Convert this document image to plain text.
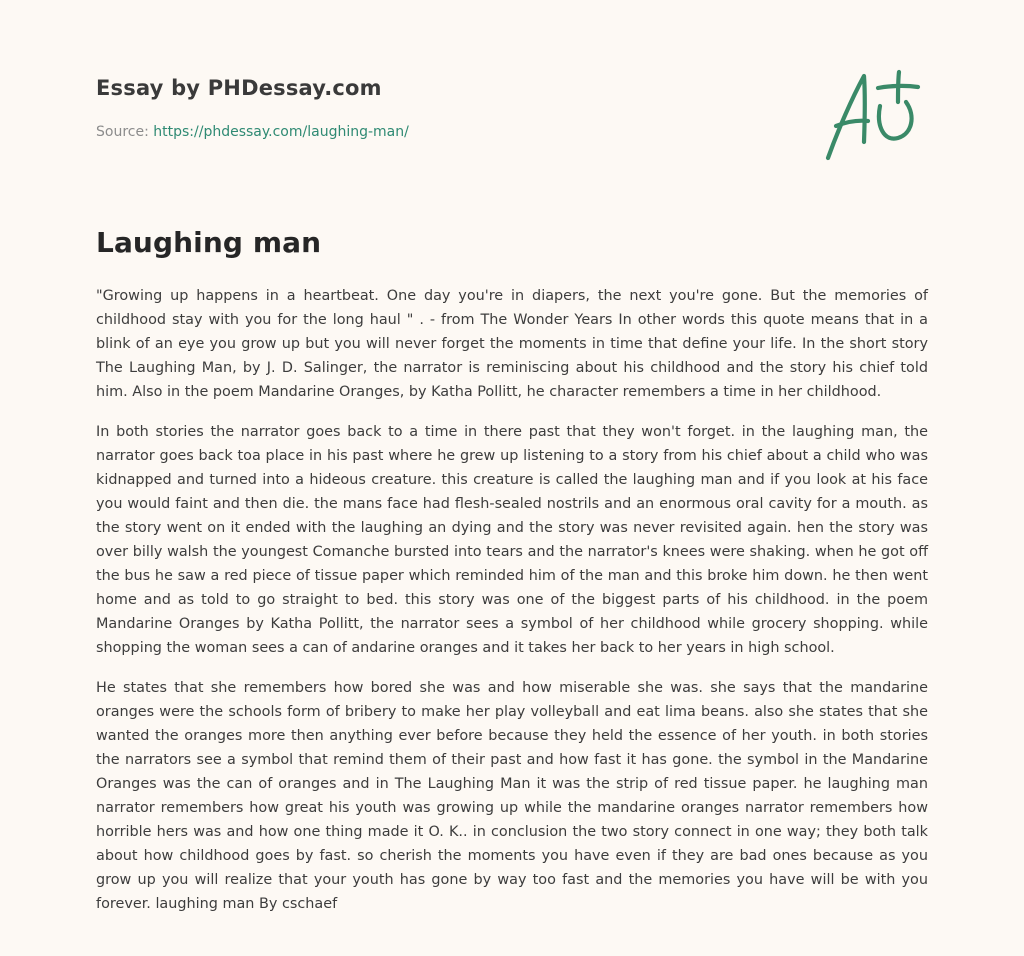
Essay by PHDessay.com

Source: https://phdessay.com/laughing-man/

Laughing man

"Growing up happens in a heartbeat. One day you're in diapers, the next you're gone. But the memories of childhood stay with you for the long haul " . - from The Wonder Years In other words this quote means that in a blink of an eye you grow up but you will never forget the moments in time that define your life. In the short story The Laughing Man, by J. D. Salinger, the narrator is reminiscing about his childhood and the story his chief told him. Also in the poem Mandarine Oranges, by Katha Pollitt, he character remembers a time in her childhood.

In both stories the narrator goes back to a time in there past that they won't forget. in the laughing man, the narrator goes back toa place in his past where he grew up listening to a story from his chief about a child who was kidnapped and turned into a hideous creature. this creature is called the laughing man and if you look at his face you would faint and then die. the mans face had flesh-sealed nostrils and an enormous oral cavity for a mouth. as the story went on it ended with the laughing an dying and the story was never revisited again. hen the story was over billy walsh the youngest Comanche bursted into tears and the narrator's knees were shaking. when he got off the bus he saw a red piece of tissue paper which reminded him of the man and this broke him down. he then went home and as told to go straight to bed. this story was one of the biggest parts of his childhood. in the poem Mandarine Oranges by Katha Pollitt, the narrator sees a symbol of her childhood while grocery shopping. while shopping the woman sees a can of andarine oranges and it takes her back to her years in high school.

He states that she remembers how bored she was and how miserable she was. she says that the mandarine oranges were the schools form of bribery to make her play volleyball and eat lima beans. also she states that she wanted the oranges more then anything ever before because they held the essence of her youth. in both stories the narrators see a symbol that remind them of their past and how fast it has gone. the symbol in the Mandarine Oranges was the can of oranges and in The Laughing Man it was the strip of red tissue paper. he laughing man narrator remembers how great his youth was growing up while the mandarine oranges narrator remembers how horrible hers was and how one thing made it O. K.. in conclusion the two story connect in one way; they both talk about how childhood goes by fast. so cherish the moments you have even if they are bad ones because as you grow up you will realize that your youth has gone by way too fast and the memories you have will be with you forever. laughing man By cschaef
